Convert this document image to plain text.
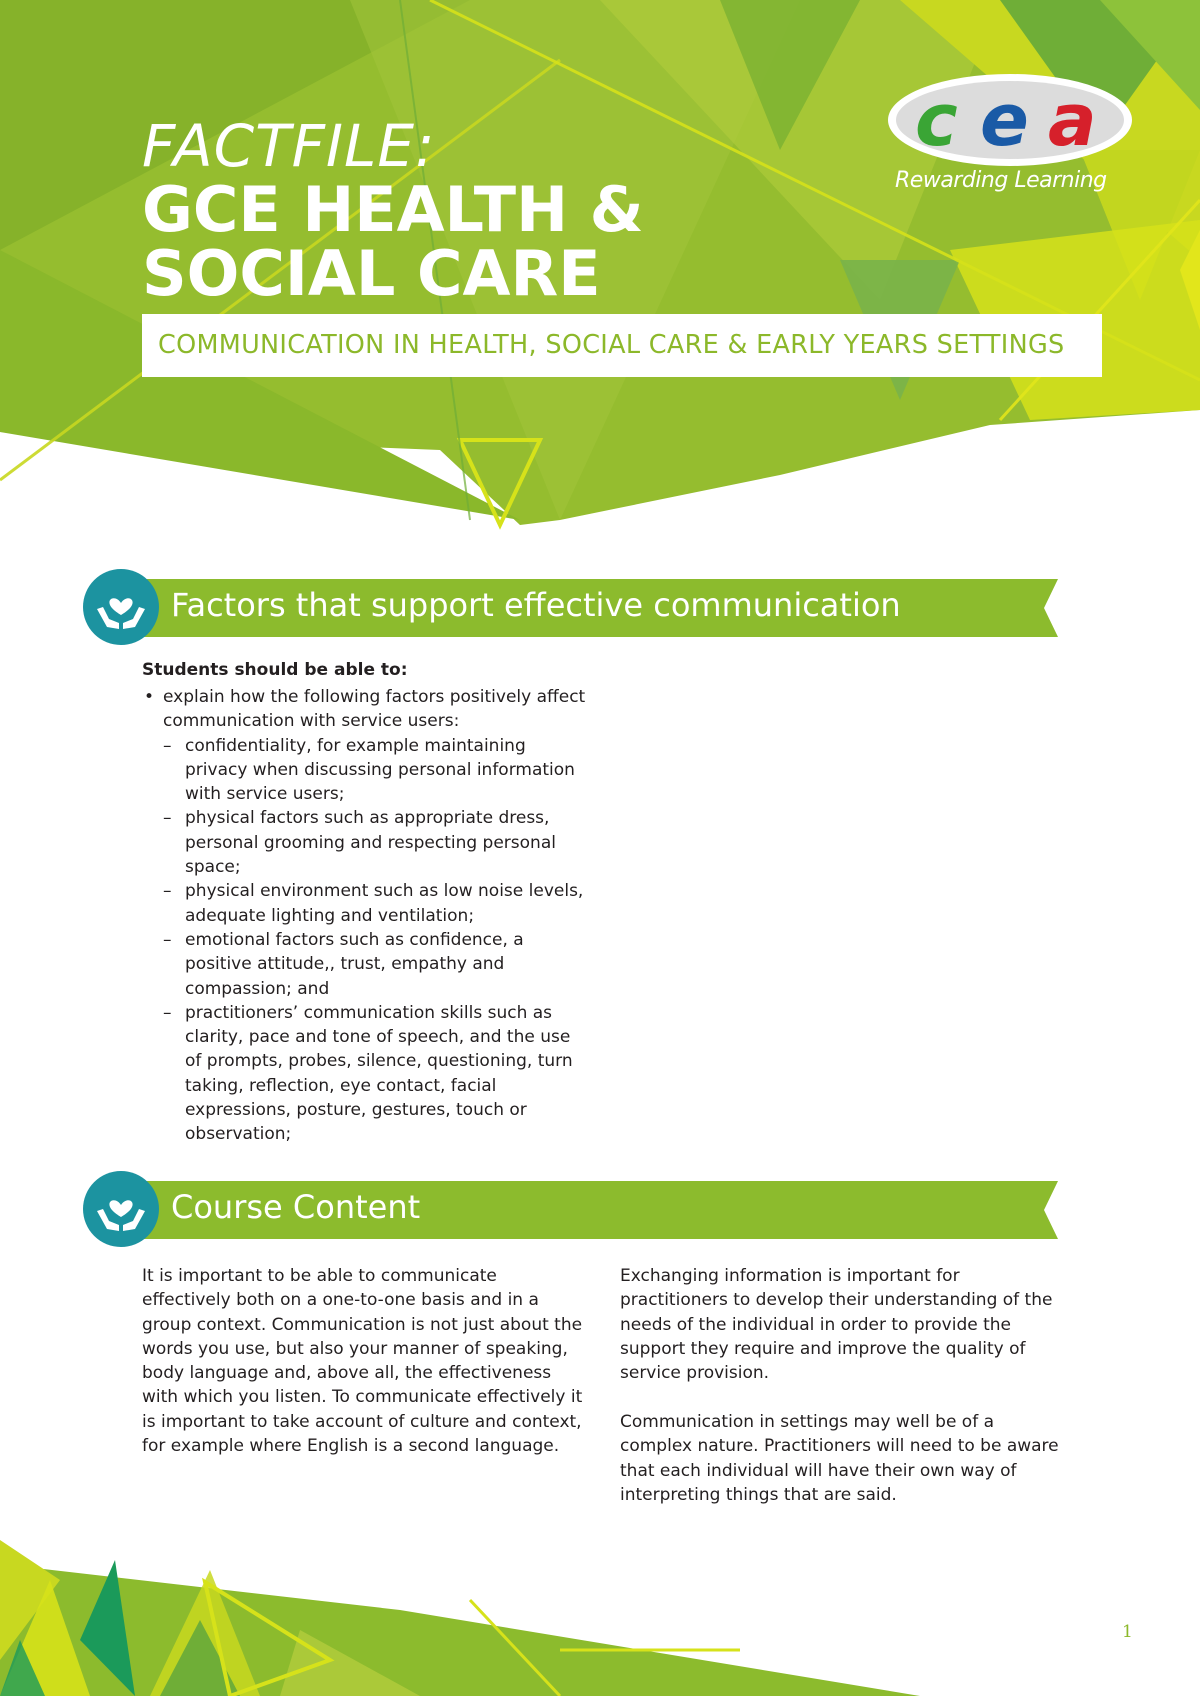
c e a
Rewarding Learning
FACTFILE:
GCE HEALTH &
SOCIAL CARE
COMMUNICATION IN HEALTH, SOCIAL CARE & EARLY YEARS SETTINGS
Factors that support effective communication
Students should be able to:
• explain how the following factors positively affect communication with service users:
– confidentiality, for example maintaining privacy when discussing personal information with service users;
– physical factors such as appropriate dress, personal grooming and respecting personal space;
– physical environment such as low noise levels, adequate lighting and ventilation;
– emotional factors such as confidence, a positive attitude,, trust, empathy and compassion; and
– practitioners’ communication skills such as clarity, pace and tone of speech, and the use of prompts, probes, silence, questioning, turn taking, reflection, eye contact, facial expressions, posture, gestures, touch or observation;
Course Content
It is important to be able to communicate effectively both on a one-to-one basis and in a group context. Communication is not just about the words you use, but also your manner of speaking, body language and, above all, the effectiveness with which you listen. To communicate effectively it is important to take account of culture and context, for example where English is a second language.
Exchanging information is important for practitioners to develop their understanding of the needs of the individual in order to provide the support they require and improve the quality of service provision.
Communication in settings may well be of a complex nature. Practitioners will need to be aware that each individual will have their own way of interpreting things that are said.
1
